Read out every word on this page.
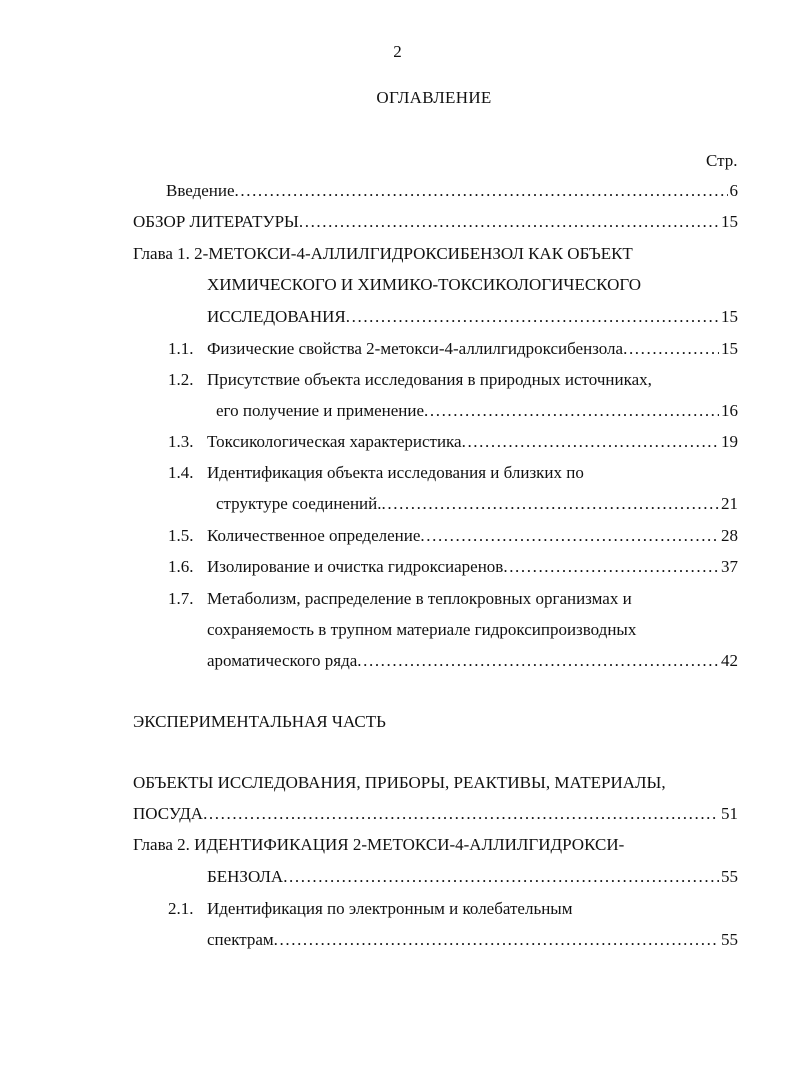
2
ОГЛАВЛЕНИЕ
Стр.
Введение .....	6
ОБЗОР ЛИТЕРАТУРЫ .....	15
Глава 1. 2-МЕТОКСИ-4-АЛЛИЛГИДРОКСИБЕНЗОЛ КАК ОБЪЕКТ
ХИМИЧЕСКОГО И ХИМИКО-ТОКСИКОЛОГИЧЕСКОГО
ИССЛЕДОВАНИЯ .....	15
1.1. Физические свойства 2-метокси-4-аллилгидроксибензола .....	15
1.2. Присутствие объекта исследования в природных источниках,
его получение и применение .....	16
1.3. Токсикологическая характеристика .....	19
1.4. Идентификация объекта исследования и близких по
структуре соединений. .....	21
1.5. Количественное определение .....	28
1.6. Изолирование и очистка гидроксиаренов .....	37
1.7. Метаболизм, распределение в теплокровных организмах и
сохраняемость в трупном материале гидроксипроизводных
ароматического ряда .....	42
ЭКСПЕРИМЕНТАЛЬНАЯ ЧАСТЬ
ОБЪЕКТЫ ИССЛЕДОВАНИЯ, ПРИБОРЫ, РЕАКТИВЫ, МАТЕРИАЛЫ,
ПОСУДА .....	51
Глава 2. ИДЕНТИФИКАЦИЯ 2-МЕТОКСИ-4-АЛЛИЛГИДРОКСИ-
БЕНЗОЛА .....	55
2.1. Идентификация по электронным и колебательным
спектрам .....	55
